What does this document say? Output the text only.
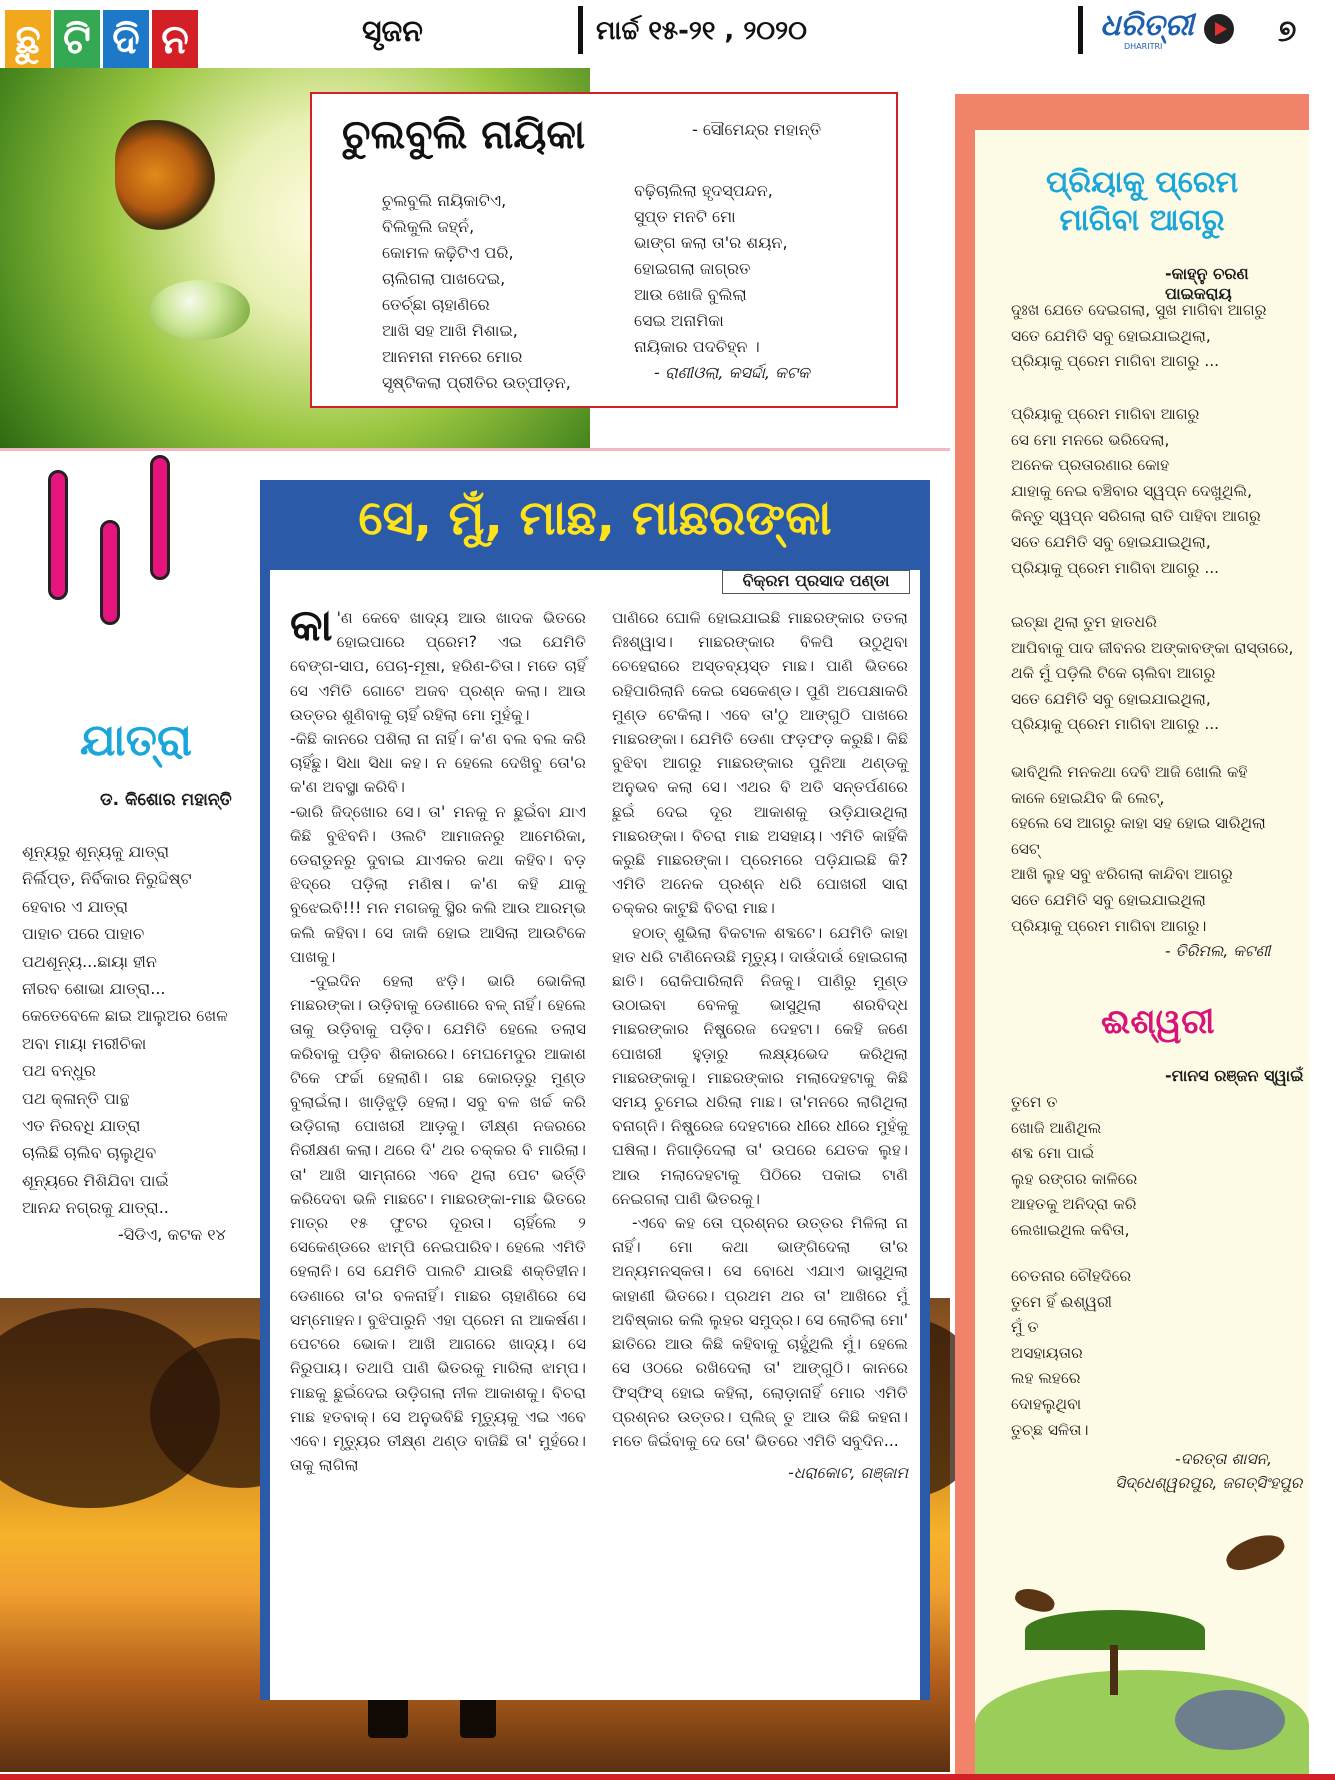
ଛୁ ଟି ଦି ନ	ସୃଜନ	ମାର୍ଚ୍ଚ ୧୫-୨୧ , ୨୦୨୦	ଧରିତ୍ରୀ
DHARITRI	୭
ଚୁଲବୁଲି ନାୟିକା	- ସୌମେନ୍ଦ୍ର ମହାନ୍ତି
ଚୁଲବୁଲି ନାୟିକାଟିଏ,
ବିଲିକୁଲି ଜହ୍ନଁ,
କୋମଳ କଢ଼ିଟିଏ ପରି,
ଚାଲିଗଲା ପାଖଦେଇ,
ତେର୍ଚ୍ଛା ଚାହାଣିରେ
ଆଖି ସହ ଆଖି ମିଶାଇ,
ଆନମନା ମନରେ ମୋର
ସୃଷ୍ଟିକଲା ପ୍ରୀତିର ଉତ୍ପୀଡ଼ନ,
ବଢ଼ିଚାଲିଲା ହୃଦସ୍ପନ୍ଦନ,
ସୁପ୍ତ ମନଟି ମୋ
ଭାଙ୍ଗ କଲା ତା'ର ଶୟନ,
ହୋଇଗଲା ଜାଗ୍ରତ
ଆଉ ଖୋଜି ବୁଲିଲା
ସେଇ ଅନାମିକା
ନାୟିକାର ପଦଚିହ୍ନ ।
- ରାଣୀଓଲା, କସର୍ଦ୍ଦା, କଟକ
ଯାତ୍ରା
ଡ. କିଶୋର ମହାନ୍ତି
ଶୂନ୍ୟରୁ ଶୂନ୍ୟକୁ ଯାତ୍ରା
ନିର୍ଲିପ୍ତ, ନିର୍ବିକାର ନିରୁଦ୍ଦିଷ୍ଟ
ହେବାର ଏ ଯାତ୍ରା
ପାହାଚ ପରେ ପାହାଚ
ପଥଶୂନ୍ୟ...ଛାୟା ହୀନ
ନୀରବ ଶୋଭା ଯାତ୍ରା...
କେତେବେଳେ ଛାଇ ଆଲୁଅର ଖେଳ
ଅବା ମାୟା ମରୀଚିକା
ପଥ ବନ୍ଧୁର
ପଥ କ୍ଳାନ୍ତି ପାନ୍ଥ
ଏତ ନିରବଧି ଯାତ୍ରା
ଚାଲିଛି ଚାଲିବ ଚାଲୁଥିବ
ଶୂନ୍ୟରେ ମିଶିଯିବା ପାଇଁ
ଆନନ୍ଦ ନଗ୍ରକୁ ଯାତ୍ରା..
-ସିଡିଏ, କଟକ ୧୪
ସେ, ମୁଁ, ମାଛ, ମାଛରଙ୍କା

କା 'ଣ କେବେ ଖାଦ୍ୟ ଆଉ ଖାଦକ ଭିତରେ ହୋଇପାରେ ପ୍ରେମ? ଏଇ ଯେମିତି ବେଙ୍ଗ-ସାପ, ପେଚା-ମୂଷା, ହରିଣ-ଚିତା। ମତେ ଚାହିଁ ସେ ଏମିତି ଗୋଟେ ଅଜବ ପ୍ରଶ୍ନ କଲା। ଆଉ ଉତ୍ତର ଶୁଣିବାକୁ ଚାହିଁ ରହିଲା ମୋ ମୁହଁକୁ।

-କିଛି କାନରେ ପଶିଲା ନା ନାହିଁ। କ'ଣ ବଲ ବଲ କରି ଚାହିଁଛୁ। ସିଧା ସିଧା କହ। ନ ହେଲେ ଦେଖିବୁ ତୋ'ର କ'ଣ ଅବସ୍ଥା କରିବି।

-ଭାରି ଜିଦ୍‌ଖୋର ସେ। ତା' ମନକୁ ନ ଛୁଇଁବା ଯାଏ କିଛି ବୁଝିବନି। ଓଲଟି ଆମାଜନରୁ ଆମେରିକା, ଡେରାଡୁନରୁ ଦୁବାଇ ଯାଏକର କଥା କହିବ। ବଡ଼ ଝିଦ୍‌ରେ ପଡ଼ିଲା ମଣିଷ। କ'ଣ କହି ଯାକୁ ବୁଝେଇବି!!! ମନ ମଗଜକୁ ସ୍ଥିର କଲି ଆଉ ଆରମ୍ଭ କଲି କହିବା। ସେ ଜାକି ହୋଇ ଆସିଲା ଆଉଟିକେ ପାଖକୁ।

-ଦୁଇଦିନ ହେଲା ଝଡ଼ି। ଭାରି ଭୋକିଲା ମାଛରଙ୍କା। ଉଡ଼ିବାକୁ ଡେଣାରେ ବଳ୍ ନାହିଁ। ହେଲେ ତାକୁ ଉଡ଼ିବାକୁ ପଡ଼ିବ। ଯେମିତି ହେଲେ ତଲାସ କରିବାକୁ ପଡ଼ିବ ଶିକାରରେ। ମେଘମେଦୁର ଆକାଶ ଟିକେ ଫର୍ଚ୍ଚା ହେଲାଣି। ଗଛ କୋରଡ଼ରୁ ମୁଣ୍ଡ ବୁଲାଇଁଲା। ଖାଡ଼ିଝୁଡ଼ି ହେଲା। ସବୁ ବଳ ଖର୍ଚ୍ଚ କରି ଉଡ଼ିଗଲା ପୋଖରୀ ଆଡ଼କୁ। ତୀକ୍ଷ୍ଣ ନଜରରେ ନିରୀକ୍ଷଣ କଲା। ଥରେ ଦି' ଥର ଚକ୍କର ବି ମାରିଲା। ତା' ଆଖି ସାମ୍ନାରେ ଏବେ ଥିଲା ପେଟ ଭର୍ତ୍ତି କରିଦେବା ଭଳି ମାଛଟେ। ମାଛରଙ୍କା-ମାଛ ଭିତରେ ମାତ୍ର ୧୫ ଫୁଟର ଦୂରତା। ଚାହିଁଲେ ୨ ସେକେଣ୍ଡରେ ଝାମ୍ପି ନେଇପାରିବ। ହେଲେ ଏମିତି ହେଲାନି। ସେ ଯେମିତି ପାଲଟି ଯାଉଛି ଶକ୍ତିହୀନ। ଡେଣାରେ ତା'ର ବଳନାହିଁ। ମାଛର ଚାହାଣିରେ ସେ ସମ୍ମୋହନ। ବୁଝିପାରୁନି ଏହା ପ୍ରେମ ନା ଆକର୍ଷଣ। ପେଟରେ ଭୋକ। ଆଖି ଆଗରେ ଖାଦ୍ୟ। ସେ ନିରୁପାୟ। ତଥାପି ପାଣି ଭିତରକୁ ମାରିଲା ଝାମ୍ପ। ମାଛକୁ ଛୁଇଁଦେଇ ଉଡ଼ିଗଲା ନୀଳ ଆକାଶକୁ। ବିଚରା ମାଛ ହତବାକ୍। ସେ ଅନୁଭବିଛି ମୃତ୍ୟୁକୁ ଏଇ ଏବେ ଏବେ। ମୃତ୍ୟୁର ତୀକ୍ଷ୍ଣ ଥଣ୍ଡ ବାଜିଛି ତା' ମୁହଁରେ। ତାକୁ ଲାଗିଲା

ପାଣିରେ ଘୋଳି ହୋଇଯାଇଛି ମାଛରଙ୍କାର ତତଲା ନିଃଶ୍ୱାସ। ମାଛରଙ୍କାର ବିଳପି ଉଠୁଥିବା ଚେହେରାରେ ଅସ୍ତବ୍ୟସ୍ତ ମାଛ। ପାଣି ଭିତରେ ରହିପାରିଲାନି କେଇ ସେକେଣ୍ଡ। ପୁଣି ଅପେକ୍ଷାକରି ମୁଣ୍ଡ ଟେକିଲା। ଏବେ ତା'ଠୁ ଆଙ୍ଗୁଠି ପାଖରେ ମାଛରଙ୍କା। ଯେମିତି ଡେଣା ଫଡ଼ଫଡ଼ କରୁଛି। କିଛି ବୁଝିବା ଆଗରୁ ମାଛରଙ୍କାର ପୁନିଆ ଥଣ୍ଡକୁ ଅନୁଭବ କଲା ସେ। ଏଥର ବି ଅତି ସନ୍ତର୍ପଣରେ ଛୁଇଁ ଦେଇ ଦୂର ଆକାଶକୁ ଉଡ଼ିଯାଉଥିଲା ମାଛରଙ୍କା। ବିଚରା ମାଛ ଅସହାୟ। ଏମିତି କାହିଁକି କରୁଛି ମାଛରଙ୍କା। ପ୍ରେମରେ ପଡ଼ିଯାଇଛି କି? ଏମିତି ଅନେକ ପ୍ରଶ୍ନ ଧରି ପୋଖରୀ ସାରା ଚକ୍କର କାଟୁଛି ବିଚରା ମାଛ।

ହଠାତ୍ ଶୁଭିଲା ବିକଟାଳ ଶବ୍ଦଟେ। ଯେମିତି କାହା ହାତ ଧରି ଟାଣିନେଉଛି ମୃତ୍ୟୁ। ଦାଉଁଦାଉଁ ହୋଇଗଲା ଛାତି। ରୋକିପାରିଲାନି ନିଜକୁ। ପାଣିରୁ ମୁଣ୍ଡ ଉଠାଇବା ବେଳକୁ ଭାସୁଥିଲା ଶରବିଦ୍ଧ ମାଛରଙ୍କାର ନିଷ୍ପ୍ରେଜ ଦେହଟା। କେହି ଜଣେ ପୋଖରୀ ହୁଡ଼ାରୁ ଲକ୍ଷ୍ୟଭେଦ କରିଥିଲା ମାଛରଙ୍କାକୁ। ମାଛରଙ୍କାର ମଲାଦେହଟାକୁ କିଛି ସମୟ ଚୁମେଇ ଧରିଲା ମାଛ। ତା'ମନରେ ଲାଗିଥିଲା ବନାଗ୍ନି। ନିଷ୍ପ୍ରେଜ ଦେହଟାରେ ଧୀରେ ଧୀରେ ମୁହଁକୁ ଘଷିଲା। ନିଗାଡ଼ିଦେଲା ତା' ଉପରେ ଯେତକ ଲୁହ। ଆଉ ମଲାଦେହଟାକୁ ପିଠିରେ ପକାଇ ଟାଣି ନେଇଗଲା ପାଣି ଭିତରକୁ।

-ଏବେ କହ ତୋ ପ୍ରଶ୍ନର ଉତ୍ତର ମିଳିଲା ନା ନାହିଁ। ମୋ କଥା ଭାଙ୍ଗିଦେଲା ତା'ର ଅନ୍ୟମନସ୍କତା। ସେ ବୋଧେ ଏଯାଏ ଭାସୁଥିଲା କାହାଣୀ ଭିତରେ। ପ୍ରଥମ ଥର ତା' ଆଖିରେ ମୁଁ ଅବିଷ୍କାର କଲି ଲୁହର ସମୁଦ୍ର। ସେ ଲୋଚିଲା ମୋ' ଛାତିରେ ଆଉ କିଛି କହିବାକୁ ଚାହୁଁଥିଲି ମୁଁ। ହେଲେ ସେ ଓଠରେ ରଖିଦେଲା ତା' ଆଙ୍ଗୁଠି। କାନରେ ଫିସ୍‌ଫିସ୍ ହୋଇ କହିଲା, ଲୋଡ଼ାନାହିଁ ମୋର ଏମିତି ପ୍ରଶ୍ନର ଉତ୍ତର। ପ୍ଲିଜ୍ ତୁ ଆଉ କିଛି କହନା। ମତେ ଜିଇଁବାକୁ ଦେ ତୋ' ଭିତରେ ଏମିତି ସବୁଦିନ...

-ଧରାକୋଟ, ଗଞ୍ଜାମ

ବିକ୍ରମ ପ୍ରସାଦ ପଣ୍ଡା
ପ୍ରିୟାକୁ ପ୍ରେମ
ମାଗିବା ଆଗରୁ
-କାହ୍ନୁ ଚରଣ ପାଇକରାୟ
ଦୁଃଖ ଯେତେ ଦେଇଗଲା, ସୁଖ ମାଗିବା ଆଗରୁ
ସତେ ଯେମିତି ସବୁ ହୋଇଯାଇଥିଲା,
ପ୍ରିୟାକୁ ପ୍ରେମ ମାଗିବା ଆଗରୁ ...
ପ୍ରିୟାକୁ ପ୍ରେମ ମାଗିବା ଆଗରୁ
ସେ ମୋ ମନରେ ଭରିଦେଲା,
ଅନେକ ପ୍ରତାରଣାର କୋହ
ଯାହାକୁ ନେଇ ବଞ୍ଚିବାର ସ୍ୱପ୍ନ ଦେଖୁଥିଲି,
କିନ୍ତୁ ସ୍ୱପ୍ନ ସରିଗଲା ରାତି ପାହିବା ଆଗରୁ
ସତେ ଯେମିତି ସବୁ ହୋଇଯାଇଥିଲା,
ପ୍ରିୟାକୁ ପ୍ରେମ ମାଗିବା ଆଗରୁ ...
ଇଚ୍ଛା ଥିଲା ତୁମ ହାତଧରି
ଆପିବାକୁ ପାଦ ଜୀବନର ଅଙ୍କାବଙ୍କା ରାସ୍ତାରେ,
ଥକି ମୁଁ ପଡ଼ିଲି ଟିକେ ଚାଲିବା ଆଗରୁ
ସତେ ଯେମିତି ସବୁ ହୋଇଯାଇଥିଲା,
ପ୍ରିୟାକୁ ପ୍ରେମ ମାଗିବା ଆଗରୁ ...
ଭାବିଥିଲି ମନକଥା ଦେବି ଆଜି ଖୋଲି କହି
କାଳେ ହୋଇଯିବ କି ଲେଟ୍,
ହେଲେ ସେ ଆଗରୁ କାହା ସହ ହୋଇ ସାରିଥିଲା
ସେଟ୍
ଆଖି ଲୁହ ସବୁ ଝରିଗଲା କାନ୍ଦିବା ଆଗରୁ
ସତେ ଯେମିତି ସବୁ ହୋଇଯାଇଥିଲା
ପ୍ରିୟାକୁ ପ୍ରେମ ମାଗିବା ଆଗରୁ।
- ତିରିମଲ, କଟଣୀ
ଈଶ୍ୱରୀ
-ମାନସ ରଞ୍ଜନ ସ୍ୱାଇଁ
ତୁମେ ତ
ଖୋଜି ଆଣିଥିଲ
ଶବ୍ଦ ମୋ ପାଇଁ
ଲୁହ ରଙ୍ଗର କାଳିରେ
ଆହତକୁ ଅନିଦ୍ରା କରି
ଲେଖାଇଥିଲ କବିତା,
ଚେତନାର ଚୌହଦିରେ
ତୁମେ ହିଁ ଈଶ୍ୱରୀ
ମୁଁ ତ
ଅସହାୟତାର
ଲହ ଲହରେ
ଦୋହଲୁଥିବା
ତୁଚ୍ଛ ସଳିତା।
-ଦରତ୍ତା ଶାସନ,
ସିଦ୍ଧେଶ୍ୱରପୁର, ଜଗତ୍‌ସିଂହପୁର
